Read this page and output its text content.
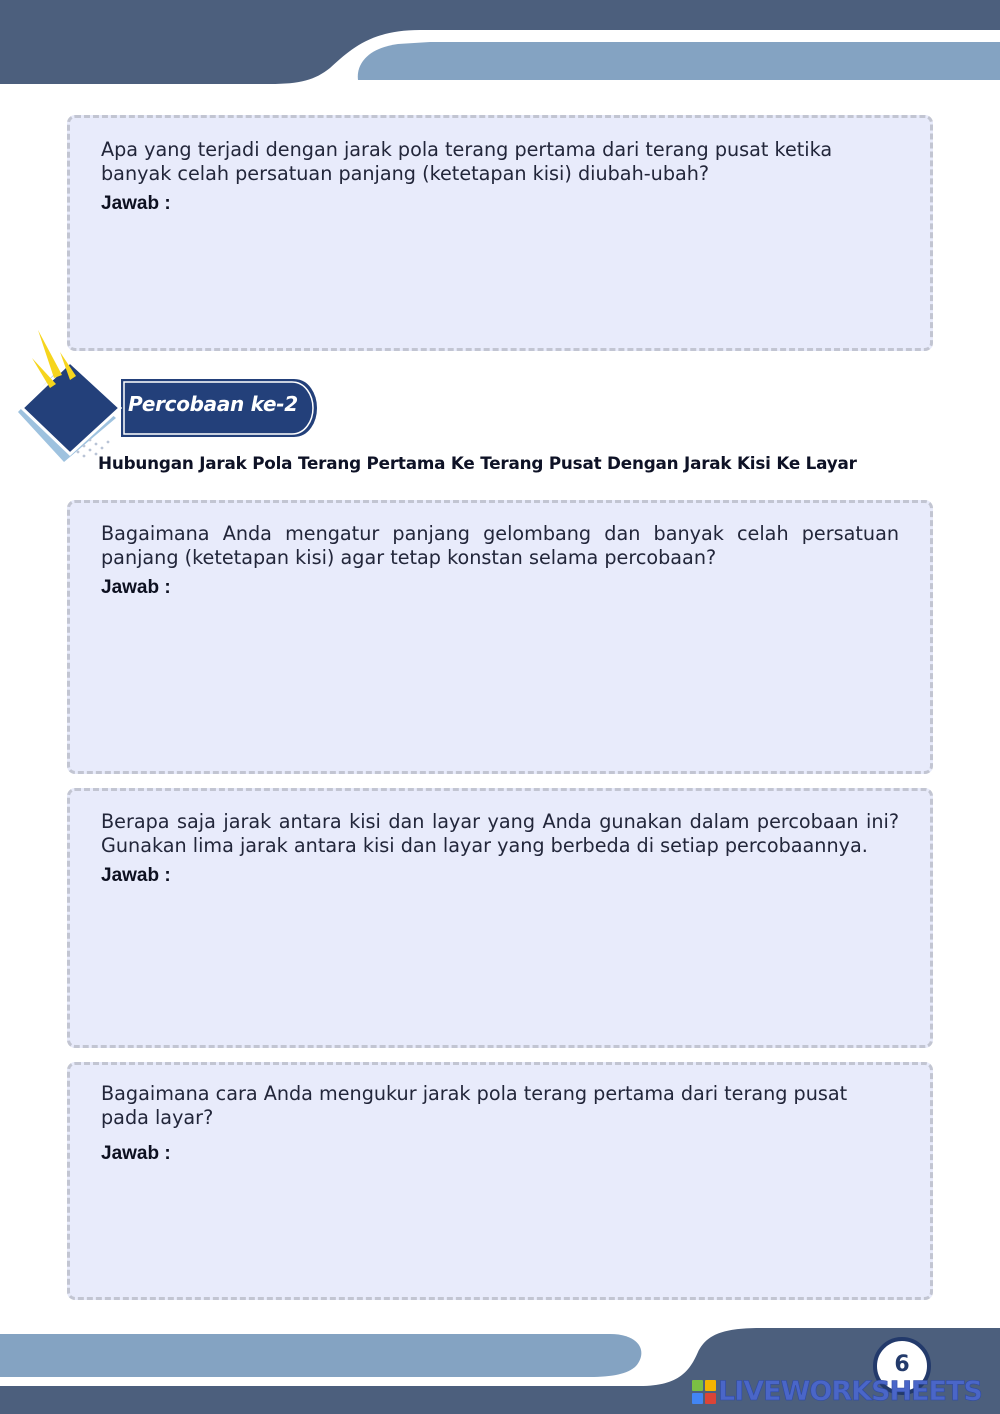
Apa yang terjadi dengan jarak pola terang pertama dari terang pusat ketika banyak celah persatuan panjang (ketetapan kisi) diubah-ubah?
Jawab :
Percobaan ke-2
Hubungan Jarak Pola Terang Pertama Ke Terang Pusat Dengan Jarak Kisi Ke Layar
Bagaimana Anda mengatur panjang gelombang dan banyak celah persatuan panjang (ketetapan kisi) agar tetap konstan selama percobaan?
Jawab :
Berapa saja jarak antara kisi dan layar yang Anda gunakan dalam percobaan ini? Gunakan lima jarak antara kisi dan layar yang berbeda di setiap percobaannya.
Jawab :
Bagaimana cara Anda mengukur jarak pola terang pertama dari terang pusat pada layar?
Jawab :
6
LIVEWORKSHEETS
